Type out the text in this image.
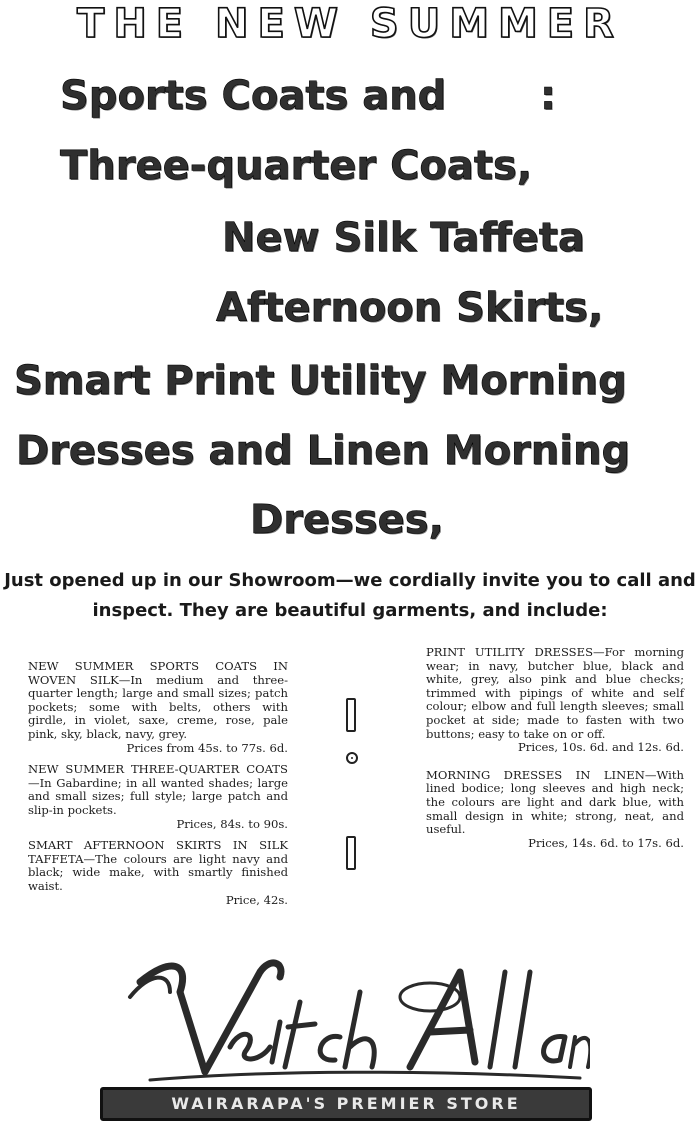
THE NEW SUMMER
Sports Coats and :
Three-quarter Coats,
New Silk Taffeta
Afternoon Skirts,
Smart Print Utility Morning
Dresses and Linen Morning
Dresses,
Just opened up in our Showroom—we cordially invite you to call and
inspect. They are beautiful garments, and include:

NEW SUMMER SPORTS COATS IN WOVEN SILK—In medium and three-quarter length; large and small sizes; patch pockets; some with belts, others with girdle, in violet, saxe, creme, rose, pale pink, sky, black, navy, grey.

Prices from 45s. to 77s. 6d.

NEW SUMMER THREE-QUARTER COATS—In Gabardine; in all wanted shades; large and small sizes; full style; large patch and slip-in pockets.

Prices, 84s. to 90s.

SMART AFTERNOON SKIRTS IN SILK TAFFETA—The colours are light navy and black; wide make, with smartly finished waist.

Price, 42s.

PRINT UTILITY DRESSES—For morning wear; in navy, butcher blue, black and white, grey, also pink and blue checks; trimmed with pipings of white and self colour; elbow and full length sleeves; small pocket at side; made to fasten with two buttons; easy to take on or off.

Prices, 10s. 6d. and 12s. 6d.

MORNING DRESSES IN LINEN—With lined bodice; long sleeves and high neck; the colours are light and dark blue, with small design in white; strong, neat, and useful.

Prices, 14s. 6d. to 17s. 6d.

WAIRARAPA'S PREMIER STORE
